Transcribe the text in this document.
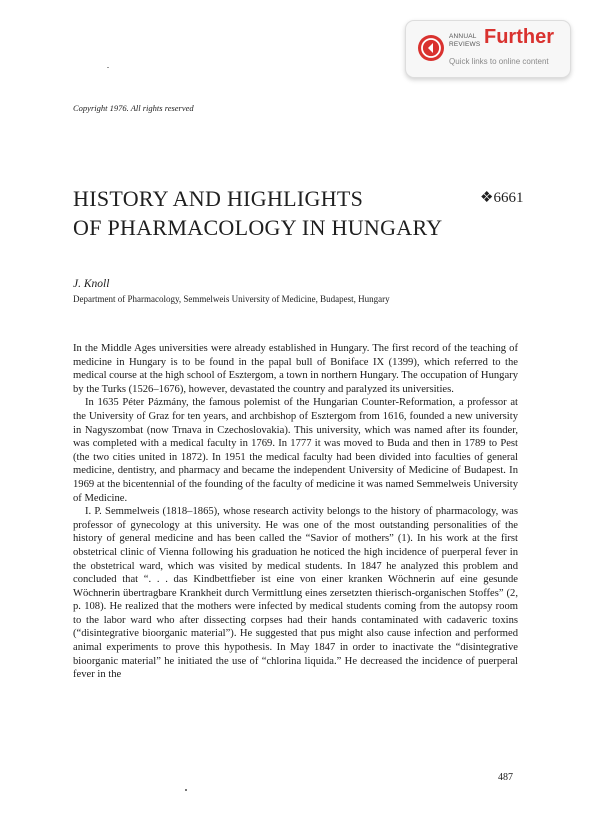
ANNUAL
REVIEWS Further
Quick links to online content
Copyright 1976. All rights reserved
HISTORY AND HIGHLIGHTS
OF PHARMACOLOGY IN HUNGARY
❖6661
J. Knoll
Department of Pharmacology, Semmelweis University of Medicine, Budapest, Hungary

In the Middle Ages universities were already established in Hungary. The first record of the teaching of medicine in Hungary is to be found in the papal bull of Boniface IX (1399), which referred to the medical course at the high school of Esztergom, a town in northern Hungary. The occupation of Hungary by the Turks (1526–1676), however, devastated the country and paralyzed its universities.

In 1635 Péter Pázmány, the famous polemist of the Hungarian Counter-Reformation, a professor at the University of Graz for ten years, and archbishop of Esztergom from 1616, founded a new university in Nagyszombat (now Trnava in Czechoslovakia). This university, which was named after its founder, was completed with a medical faculty in 1769. In 1777 it was moved to Buda and then in 1789 to Pest (the two cities united in 1872). In 1951 the medical faculty had been divided into faculties of general medicine, dentistry, and pharmacy and became the independent University of Medicine of Budapest. In 1969 at the bicentennial of the founding of the faculty of medicine it was named Semmelweis University of Medicine.

I. P. Semmelweis (1818–1865), whose research activity belongs to the history of pharmacology, was professor of gynecology at this university. He was one of the most outstanding personalities of the history of general medicine and has been called the “Savior of mothers” (1). In his work at the first obstetrical clinic of Vienna following his graduation he noticed the high incidence of puerperal fever in the obstetrical ward, which was visited by medical students. In 1847 he analyzed this problem and concluded that “. . . das Kindbettfieber ist eine von einer kranken Wöchnerin auf eine gesunde Wöchnerin übertragbare Krankheit durch Vermittlung eines zersetzten thierisch-organischen Stoffes” (2, p. 108). He realized that the mothers were infected by medical students coming from the autopsy room to the labor ward who after dissecting corpses had their hands contaminated with cadaveric toxins (“disintegrative bioorganic material”). He suggested that pus might also cause infection and performed animal experiments to prove this hypothesis. In May 1847 in order to inactivate the “disintegrative bioorganic material” he initiated the use of “chlorina liquida.” He decreased the incidence of puerperal fever in the

487
